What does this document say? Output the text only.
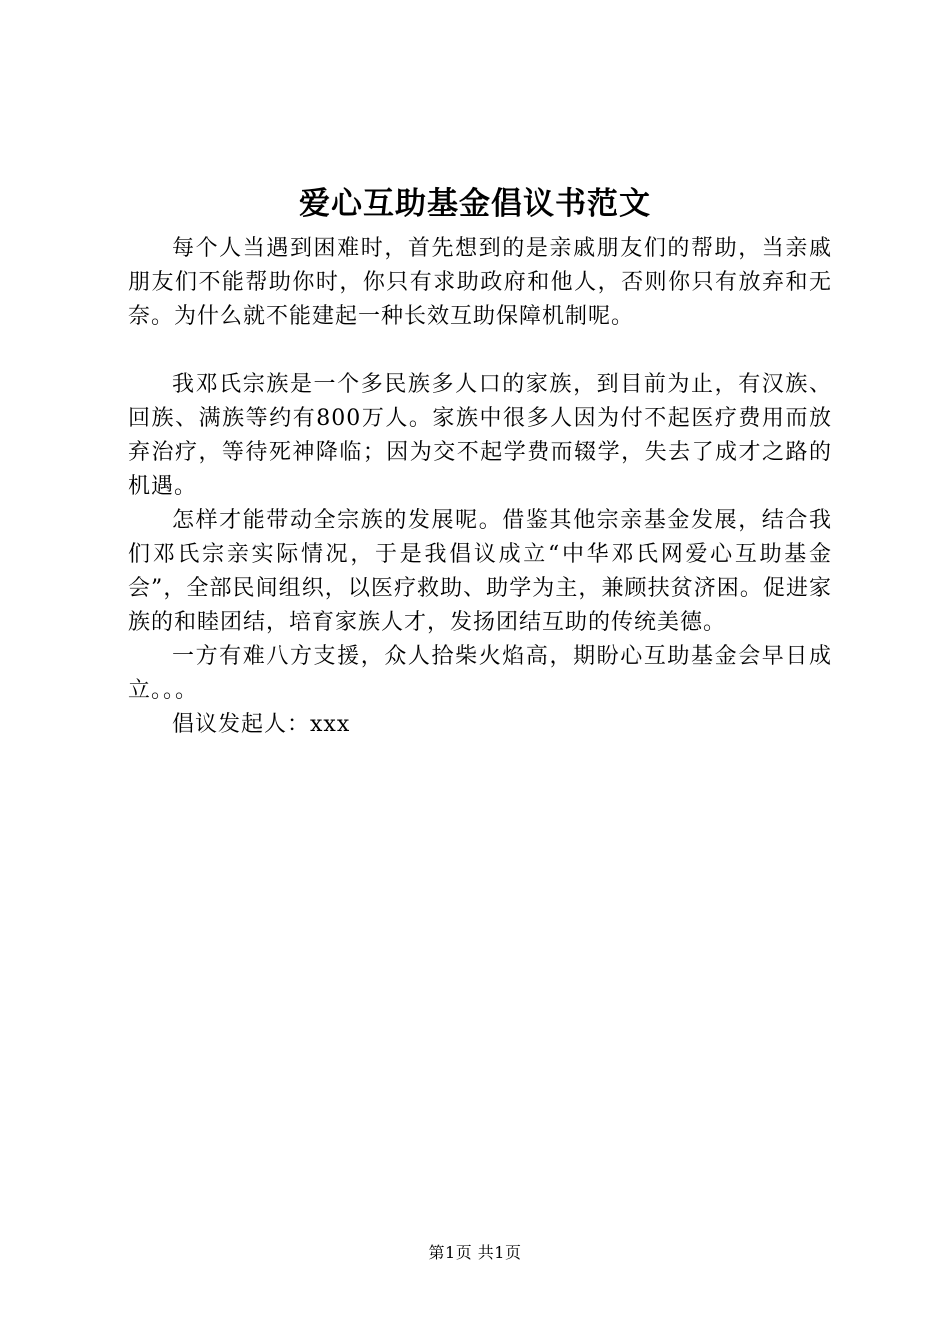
爱心互助基金倡议书范文

每个人当遇到困难时，首先想到的是亲戚朋友们的帮助，当亲戚朋友们不能帮助你时，你只有求助政府和他人，否则你只有放弃和无奈。为什么就不能建起一种长效互助保障机制呢。

我邓氏宗族是一个多民族多人口的家族，到目前为止，有汉族、回族、满族等约有800万人。家族中很多人因为付不起医疗费用而放弃治疗，等待死神降临；因为交不起学费而辍学，失去了成才之路的机遇。

怎样才能带动全宗族的发展呢。借鉴其他宗亲基金发展，结合我们邓氏宗亲实际情况，于是我倡议成立“中华邓氏网爱心互助基金会”，全部民间组织，以医疗救助、助学为主，兼顾扶贫济困。促进家族的和睦团结，培育家族人才，发扬团结互助的传统美德。

一方有难八方支援，众人拾柴火焰高，期盼心互助基金会早日成立。。。

倡议发起人：xxx

第1页 共1页
